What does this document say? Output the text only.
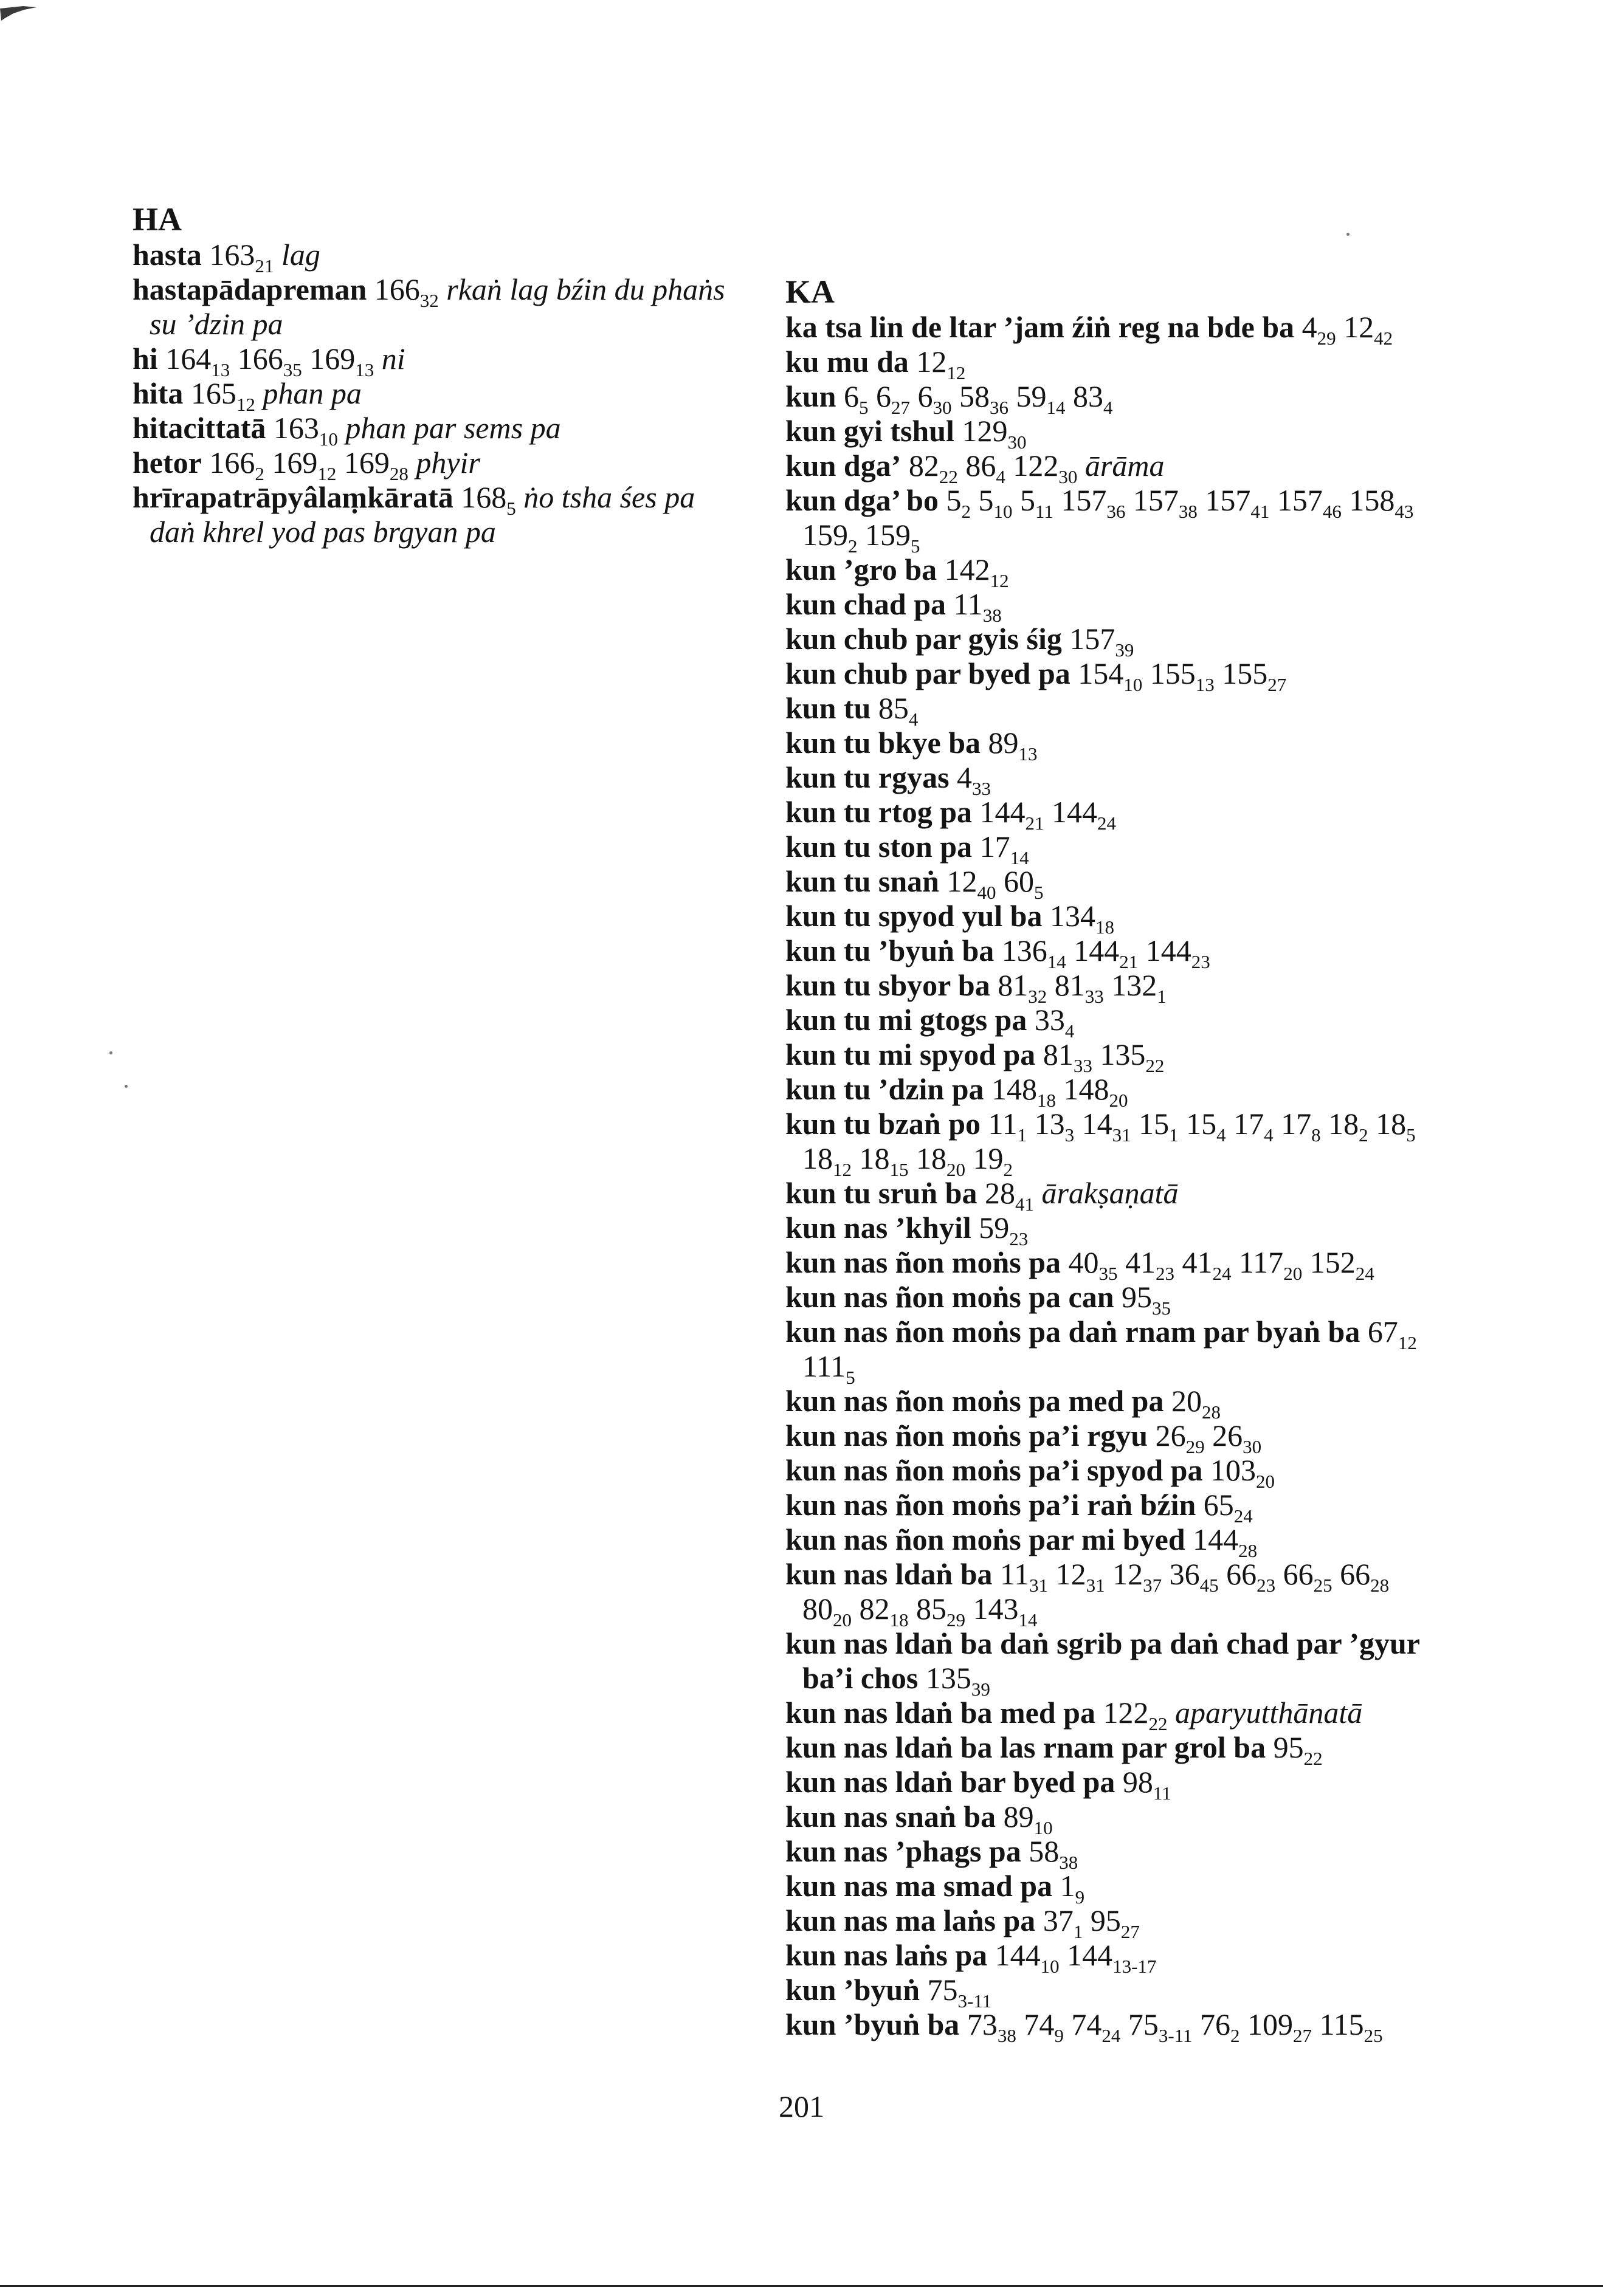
HA
hasta $163_{21}$ lag
hastapādapreman $166_{32}$ rkaṅ lag bźin du phaṅs su ’dzin pa
hi $164_{13}$ $166_{35}$ $169_{13}$ ni
hita $165_{12}$ phan pa
hitacittatā $163_{10}$ phan par sems pa
hetor $166_2$ $169_{12}$ $169_{28}$ phyir
hrīrapatrāpyâlaṃkāratā $168_5$ ṅo tsha śes pa daṅ khrel yod pas brgyan pa
KA
ka tsa lin de ltar ’jam źiṅ reg na bde ba $4_{29}$ $12_{42}$
ku mu da $12_{12}$
kun $6_5$ $6_{27}$ $6_{30}$ $58_{36}$ $59_{14}$ $83_4$
kun gyi tshul $129_{30}$
kun dga’ $82_{22}$ $86_4$ $122_{30}$ ārāma
kun dga’ bo $5_2$ $5_{10}$ $5_{11}$ $157_{36}$ $157_{38}$ $157_{41}$ $157_{46}$ $158_{43}$ $159_2$ $159_5$
kun ’gro ba $142_{12}$
kun chad pa $11_{38}$
kun chub par gyis śig $157_{39}$
kun chub par byed pa $154_{10}$ $155_{13}$ $155_{27}$
kun tu $85_4$
kun tu bkye ba $89_{13}$
kun tu rgyas $4_{33}$
kun tu rtog pa $144_{21}$ $144_{24}$
kun tu ston pa $17_{14}$
kun tu snaṅ $12_{40}$ $60_5$
kun tu spyod yul ba $134_{18}$
kun tu ’byuṅ ba $136_{14}$ $144_{21}$ $144_{23}$
kun tu sbyor ba $81_{32}$ $81_{33}$ $132_1$
kun tu mi gtogs pa $33_4$
kun tu mi spyod pa $81_{33}$ $135_{22}$
kun tu ’dzin pa $148_{18}$ $148_{20}$
kun tu bzaṅ po $11_1$ $13_3$ $14_{31}$ $15_1$ $15_4$ $17_4$ $17_8$ $18_2$ $18_5$ $18_{12}$ $18_{15}$ $18_{20}$ $19_2$
kun tu sruṅ ba $28_{41}$ ārakṣaṇatā
kun nas ’khyil $59_{23}$
kun nas ñon moṅs pa $40_{35}$ $41_{23}$ $41_{24}$ $117_{20}$ $152_{24}$
kun nas ñon moṅs pa can $95_{35}$
kun nas ñon moṅs pa daṅ rnam par byaṅ ba $67_{12}$ $111_5$
kun nas ñon moṅs pa med pa $20_{28}$
kun nas ñon moṅs pa’i rgyu $26_{29}$ $26_{30}$
kun nas ñon moṅs pa’i spyod pa $103_{20}$
kun nas ñon moṅs pa’i raṅ bźin $65_{24}$
kun nas ñon moṅs par mi byed $144_{28}$
kun nas ldaṅ ba $11_{31}$ $12_{31}$ $12_{37}$ $36_{45}$ $66_{23}$ $66_{25}$ $66_{28}$ $80_{20}$ $82_{18}$ $85_{29}$ $143_{14}$
kun nas ldaṅ ba daṅ sgrib pa daṅ chad par ’gyur ba’i chos $135_{39}$
kun nas ldaṅ ba med pa $122_{22}$ aparyutthānatā
kun nas ldaṅ ba las rnam par grol ba $95_{22}$
kun nas ldaṅ bar byed pa $98_{11}$
kun nas snaṅ ba $89_{10}$
kun nas ’phags pa $58_{38}$
kun nas ma smad pa $1_9$
kun nas ma laṅs pa $37_1$ $95_{27}$
kun nas laṅs pa $144_{10}$ $144_{13-17}$
kun ’byuṅ $75_{3-11}$
kun ’byuṅ ba $73_{38}$ $74_9$ $74_{24}$ $75_{3-11}$ $76_2$ $109_{27}$ $115_{25}$
201
